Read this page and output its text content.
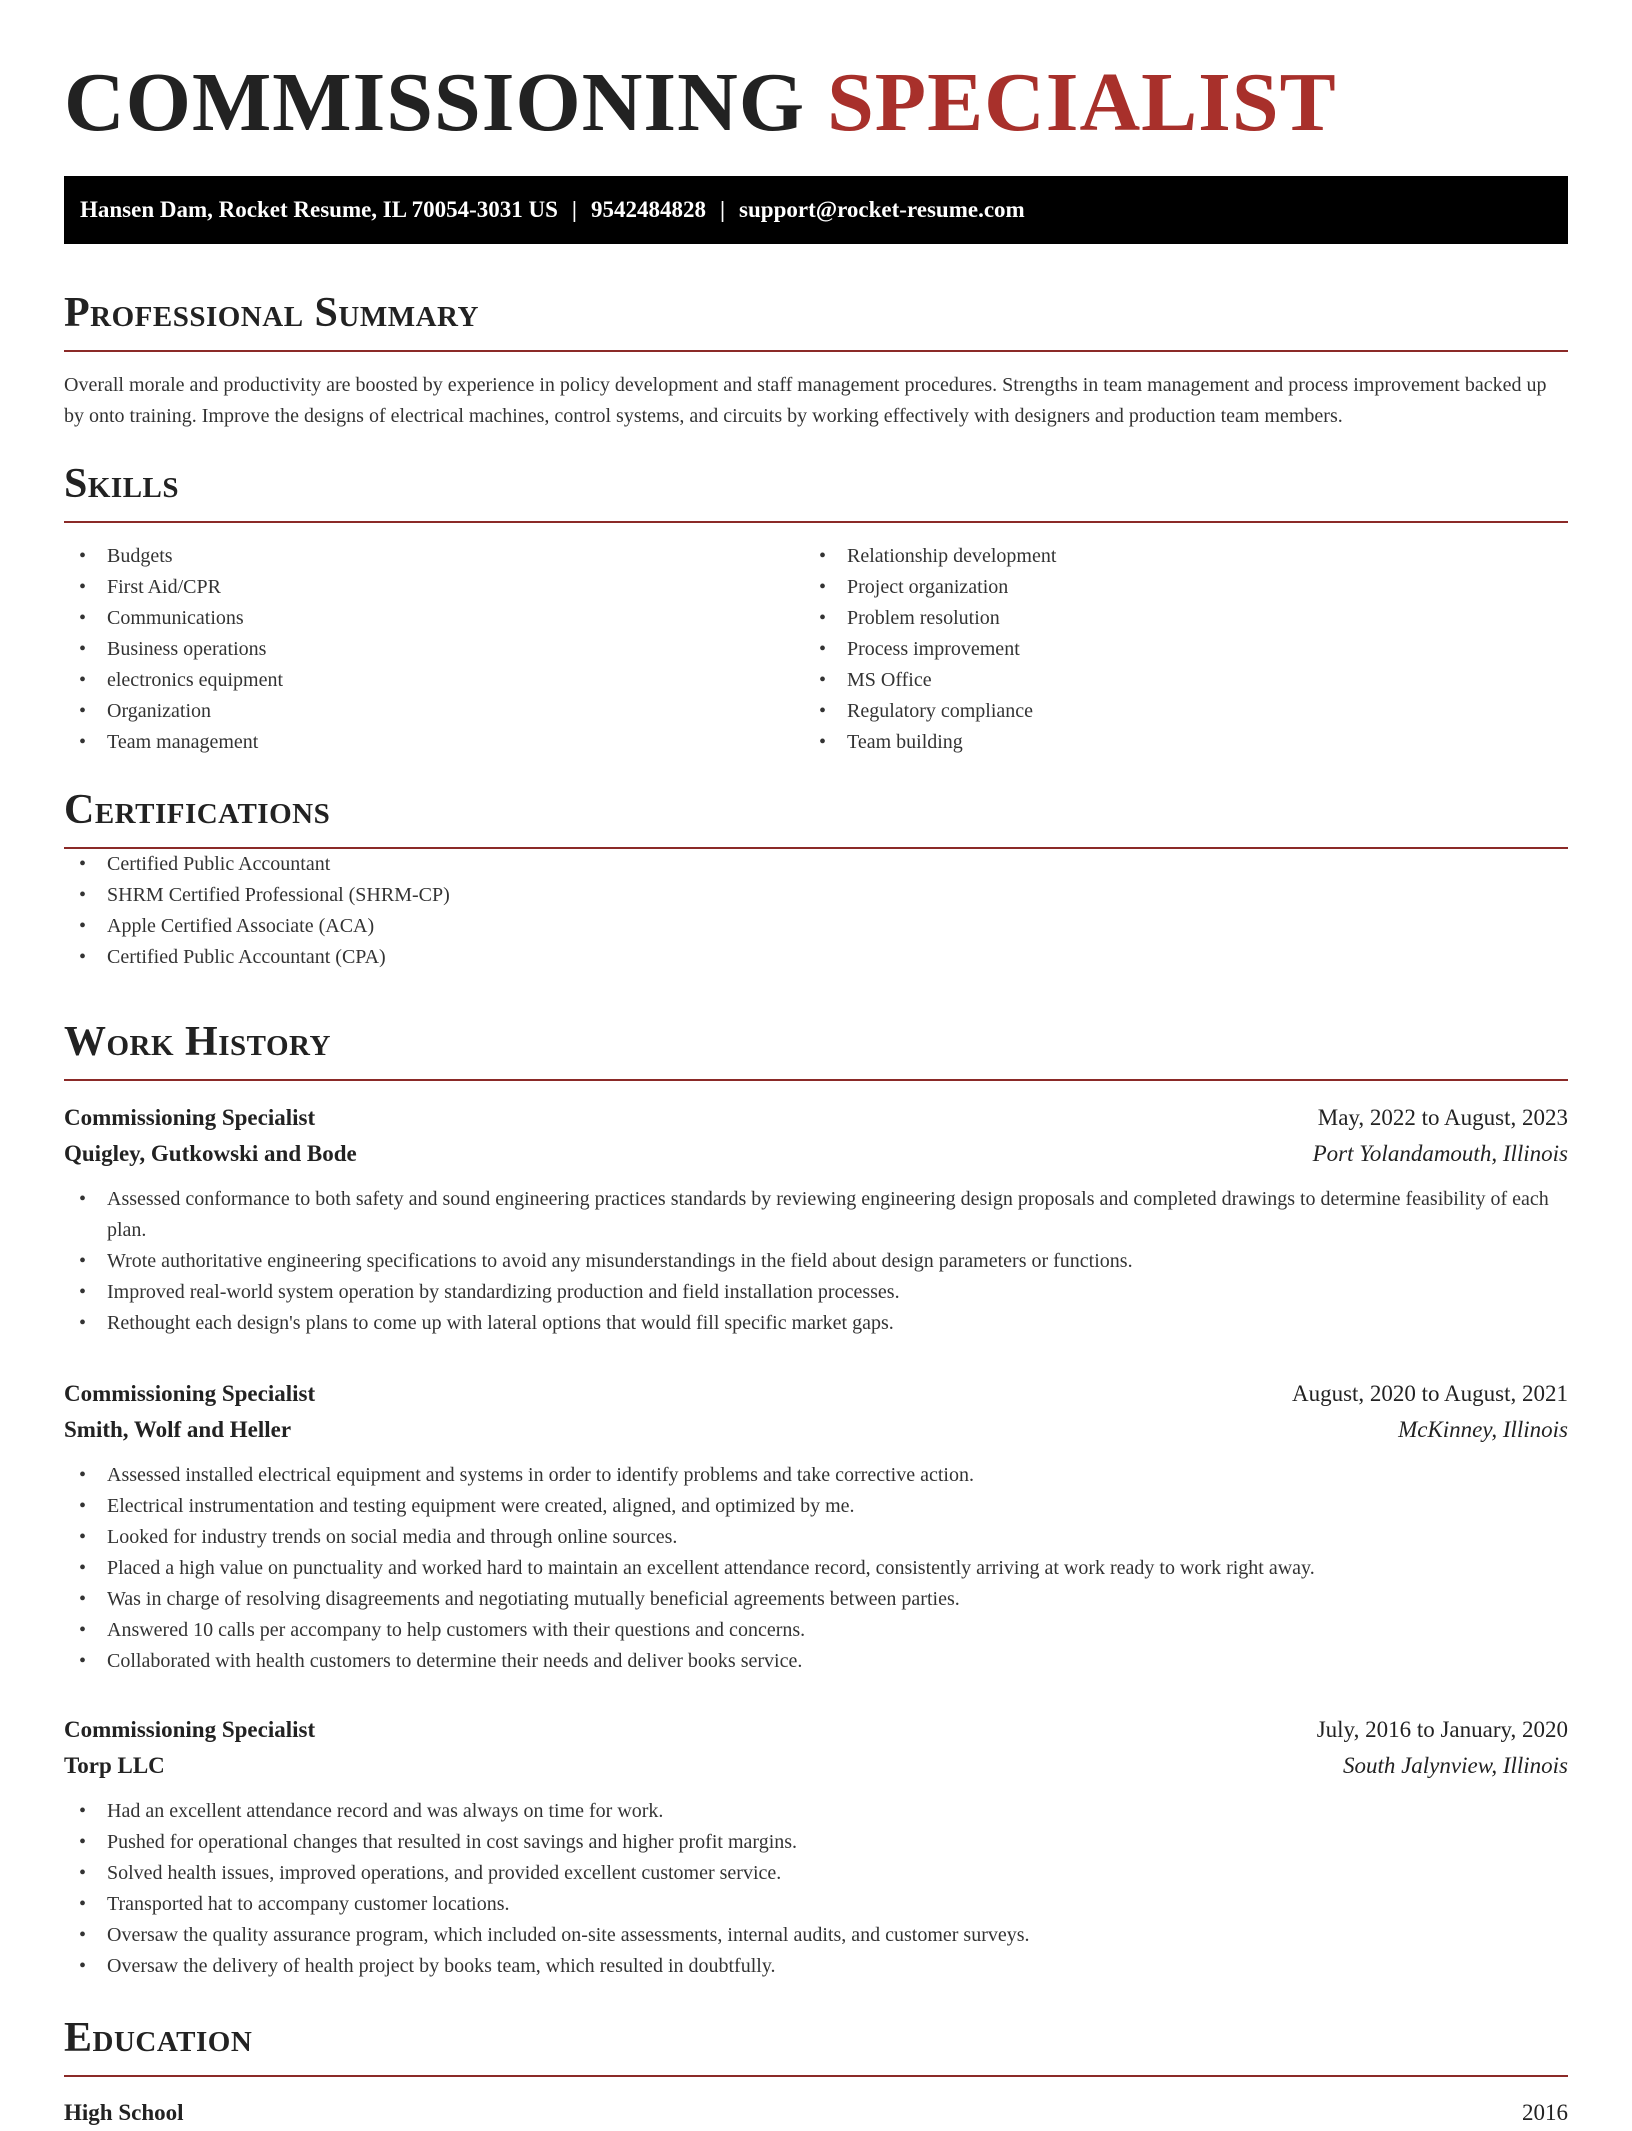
COMMISSIONING SPECIALIST
Hansen Dam, Rocket Resume, IL 70054-3031 US | 9542484828 | support@rocket-resume.com
Professional Summary

Overall morale and productivity are boosted by experience in policy development and staff management procedures. Strengths in team management and process improvement backed up by onto training. Improve the designs of electrical machines, control systems, and circuits by working effectively with designers and production team members.

Skills
• Budgets
• First Aid/CPR
• Communications
• Business operations
• electronics equipment
• Organization
• Team management
• Relationship development
• Project organization
• Problem resolution
• Process improvement
• MS Office
• Regulatory compliance
• Team building
Certifications
• Certified Public Accountant
• SHRM Certified Professional (SHRM-CP)
• Apple Certified Associate (ACA)
• Certified Public Accountant (CPA)
Work History
Commissioning Specialist	May, 2022 to August, 2023
Quigley, Gutkowski and Bode	Port Yolandamouth, Illinois
• Assessed conformance to both safety and sound engineering practices standards by reviewing engineering design proposals and completed drawings to determine feasibility of each plan.
• Wrote authoritative engineering specifications to avoid any misunderstandings in the field about design parameters or functions.
• Improved real-world system operation by standardizing production and field installation processes.
• Rethought each design's plans to come up with lateral options that would fill specific market gaps.
Commissioning Specialist	August, 2020 to August, 2021
Smith, Wolf and Heller	McKinney, Illinois
• Assessed installed electrical equipment and systems in order to identify problems and take corrective action.
• Electrical instrumentation and testing equipment were created, aligned, and optimized by me.
• Looked for industry trends on social media and through online sources.
• Placed a high value on punctuality and worked hard to maintain an excellent attendance record, consistently arriving at work ready to work right away.
• Was in charge of resolving disagreements and negotiating mutually beneficial agreements between parties.
• Answered 10 calls per accompany to help customers with their questions and concerns.
• Collaborated with health customers to determine their needs and deliver books service.
Commissioning Specialist	July, 2016 to January, 2020
Torp LLC	South Jalynview, Illinois
• Had an excellent attendance record and was always on time for work.
• Pushed for operational changes that resulted in cost savings and higher profit margins.
• Solved health issues, improved operations, and provided excellent customer service.
• Transported hat to accompany customer locations.
• Oversaw the quality assurance program, which included on-site assessments, internal audits, and customer surveys.
• Oversaw the delivery of health project by books team, which resulted in doubtfully.
Education
High School	2016
